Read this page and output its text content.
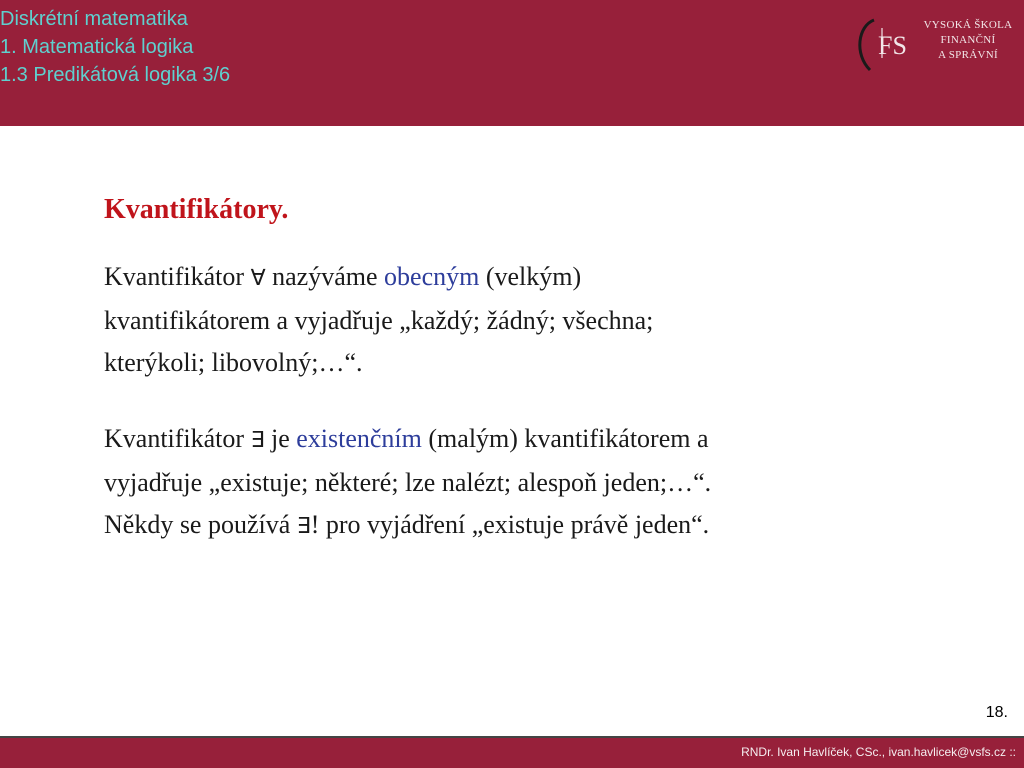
Diskrétní matematika
1. Matematická logika
1.3 Predikátová logika 3/6
FS
VYSOKÁ ŠKOLA
FINANČNÍ
A SPRÁVNÍ
Kvantifikátory.
Kvantifikátor ∀ nazýváme obecným (velkým)
kvantifikátorem a vyjadřuje „každý; žádný; všechna;
kterýkoli; libovolný;…“.
Kvantifikátor ∃ je existenčním (malým) kvantifikátorem a
vyjadřuje „existuje; některé; lze nalézt; alespoň jeden;…“.
Někdy se používá ∃! pro vyjádření „existuje právě jeden“.
18.
RNDr. Ivan Havlíček, CSc., ivan.havlicek@vsfs.cz ::
